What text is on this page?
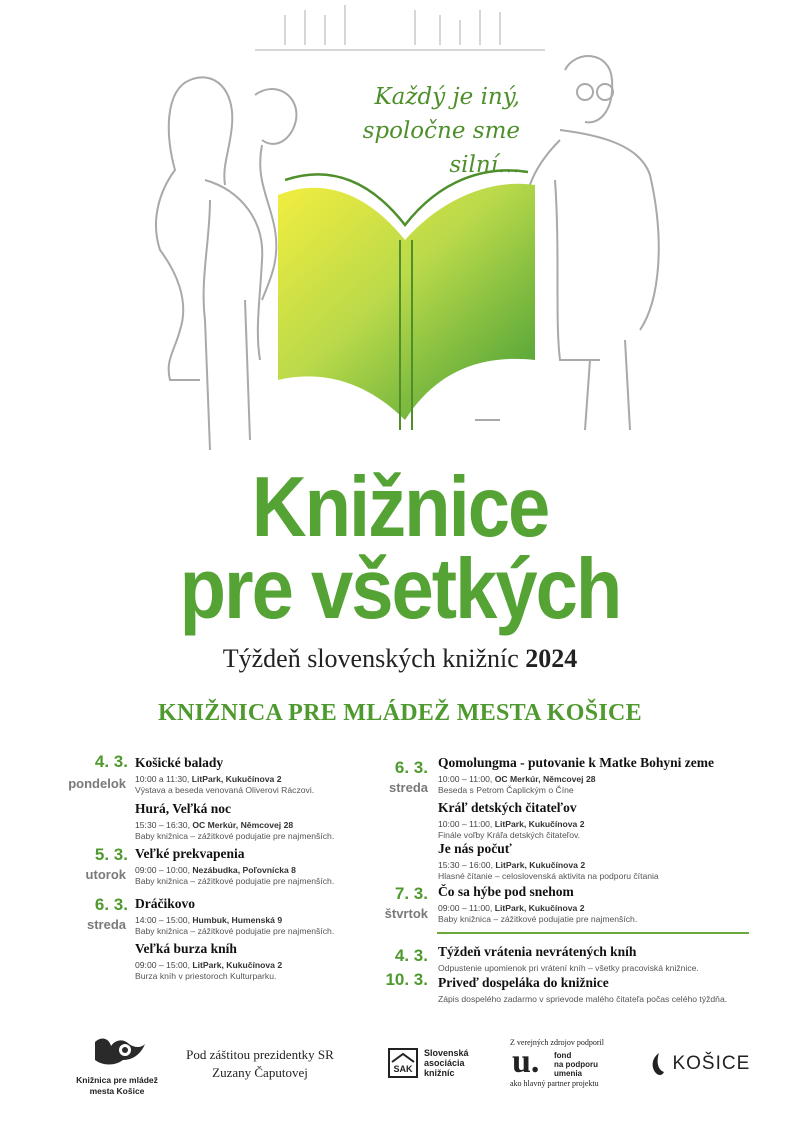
Každý je iný,
spoločne sme
silní...
Knižnice
pre všetkých
Týždeň slovenských knižníc 2024
KNIŽNICA PRE MLÁDEŽ MESTA KOŠICE
4. 3.
pondelok
Košické balady
10:00 a 11:30, LitPark, Kukučínova 2
Výstava a beseda venovaná Oliverovi Ráczovi.
Hurá, Veľká noc
15:30 – 16:30, OC Merkúr, Němcovej 28
Baby knižnica – zážitkové podujatie pre najmenších.
5. 3.
utorok
Veľké prekvapenia
09:00 – 10:00, Nezábudka, Poľovnícka 8
Baby knižnica – zážitkové podujatie pre najmenších.
6. 3.
streda
Dráčikovo
14:00 – 15:00, Humbuk, Humenská 9
Baby knižnica – zážitkové podujatie pre najmenších.
Veľká burza kníh
09:00 – 15:00, LitPark, Kukučínova 2
Burza kníh v priestoroch Kulturparku.
6. 3.
streda
Qomolungma - putovanie k Matke Bohyni zeme
10:00 – 11:00, OC Merkúr, Němcovej 28
Beseda s Petrom Čaplickým o Číne
Kráľ detských čitateľov
10:00 – 11:00, LitPark, Kukučínova 2
Finále voľby Kráľa detských čitateľov.
Je nás počuť
15:30 – 16:00, LitPark, Kukučínova 2
Hlasné čítanie – celoslovenská aktivita na podporu čítania
7. 3.
štvrtok
Čo sa hýbe pod snehom
09:00 – 11:00, LitPark, Kukučínova 2
Baby knižnica – zážitkové podujatie pre najmenších.
4. 3.
10. 3.
Týždeň vrátenia nevrátených kníh
Odpustenie upomienok pri vrátení kníh – všetky pracoviská knižnice.
Priveď dospeláka do knižnice
Zápis dospelého zadarmo v sprievode malého čitateľa počas celého týždňa.
Knižnica pre mládež
mesta Košice
Pod záštitou prezidentky SR
Zuzany Čaputovej	SAK
Slovenská
asociácia
knižníc
Z verejných zdrojov podporil
u. fond
na podporu
umenia
ako hlavný partner projektu
KOŠICE
